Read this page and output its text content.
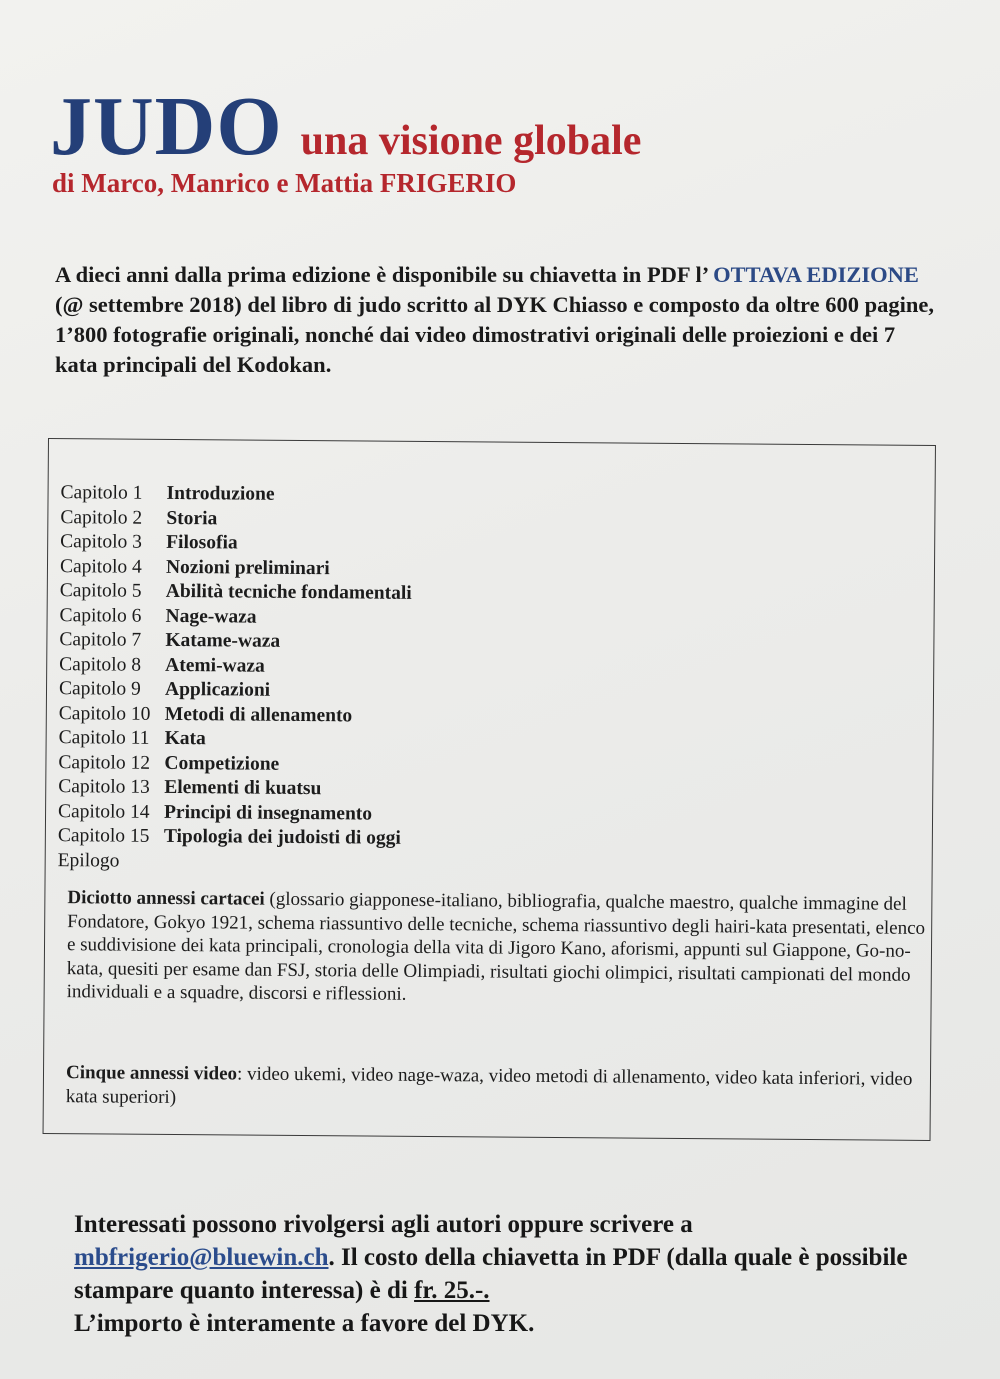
JUDO una visione globale
di Marco, Manrico e Mattia FRIGERIO
A dieci anni dalla prima edizione è disponibile su chiavetta in PDF l’ OTTAVA EDIZIONE (@ settembre 2018) del libro di judo scritto al DYK Chiasso e composto da oltre 600 pagine, 1’800 fotografie originali, nonché dai video dimostrativi originali delle proiezioni e dei 7 kata principali del Kodokan.
Capitolo 1 Introduzione
Capitolo 2 Storia
Capitolo 3 Filosofia
Capitolo 4 Nozioni preliminari
Capitolo 5 Abilità tecniche fondamentali
Capitolo 6 Nage-waza
Capitolo 7 Katame-waza
Capitolo 8 Atemi-waza
Capitolo 9 Applicazioni
Capitolo 10 Metodi di allenamento
Capitolo 11 Kata
Capitolo 12 Competizione
Capitolo 13 Elementi di kuatsu
Capitolo 14 Principi di insegnamento
Capitolo 15 Tipologia dei judoisti di oggi
Epilogo
Diciotto annessi cartacei (glossario giapponese-italiano, bibliografia, qualche maestro, qualche immagine del Fondatore, Gokyo 1921, schema riassuntivo delle tecniche, schema riassuntivo degli hairi-kata presentati, elenco e suddivisione dei kata principali, cronologia della vita di Jigoro Kano, aforismi, appunti sul Giappone, Go-no-kata, quesiti per esame dan FSJ, storia delle Olimpiadi, risultati giochi olimpici, risultati campionati del mondo individuali e a squadre, discorsi e riflessioni.
Cinque annessi video: video ukemi, video nage-waza, video metodi di allenamento, video kata inferiori, video kata superiori)
Interessati possono rivolgersi agli autori oppure scrivere a mbfrigerio@bluewin.ch. Il costo della chiavetta in PDF (dalla quale è possibile stampare quanto interessa) è di fr. 25.-.
L’importo è interamente a favore del DYK.
